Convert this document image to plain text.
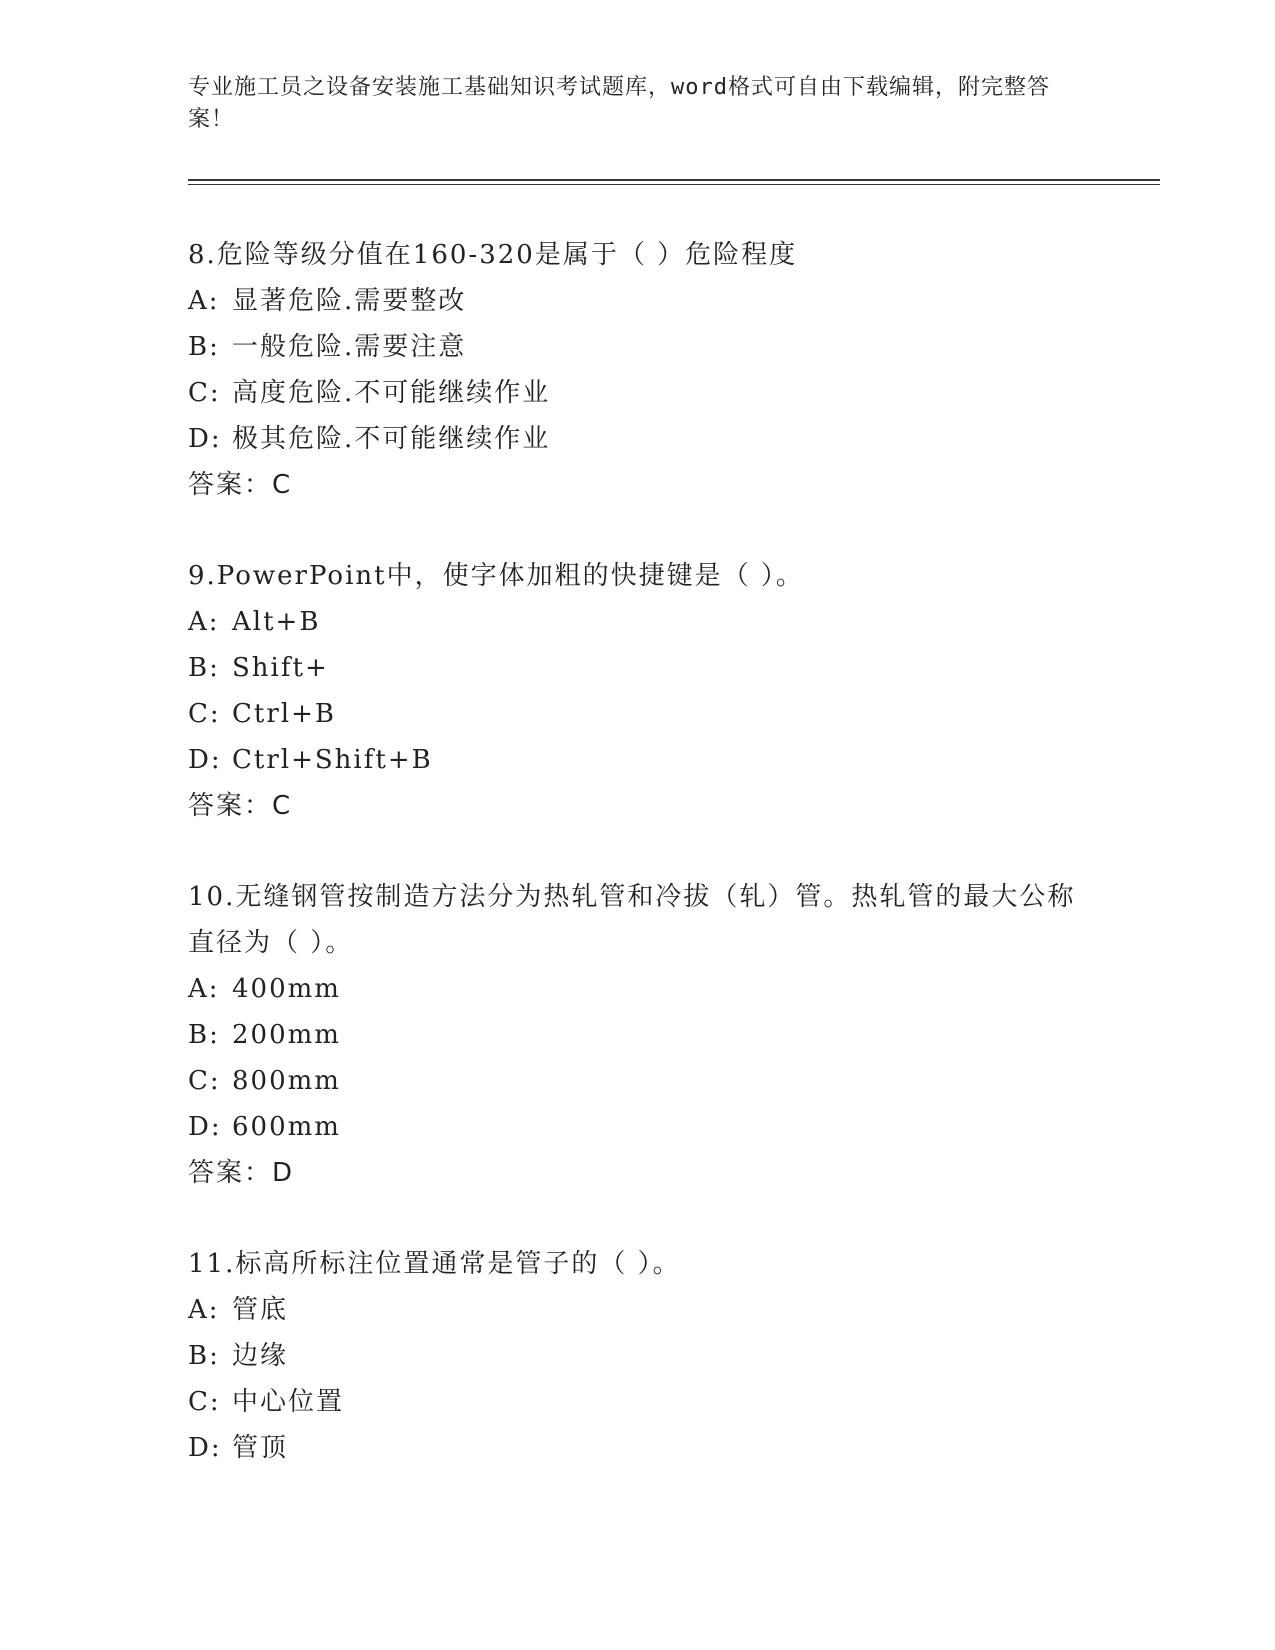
专业施工员之设备安装施工基础知识考试题库，word格式可自由下载编辑，附完整答案！
8.危险等级分值在160-320是属于（ ）危险程度
A: 显著危险.需要整改
B: 一般危险.需要注意
C: 高度危险.不可能继续作业
D: 极其危险.不可能继续作业
答案：C
9.PowerPoint中，使字体加粗的快捷键是（ ）。
A: Alt+B
B: Shift+
C: Ctrl+B
D: Ctrl+Shift+B
答案：C
10.无缝钢管按制造方法分为热轧管和冷拔（轧）管。热轧管的最大公称直径为（ ）。
A: 400mm
B: 200mm
C: 800mm
D: 600mm
答案：D
11.标高所标注位置通常是管子的（ ）。
A: 管底
B: 边缘
C: 中心位置
D: 管顶
